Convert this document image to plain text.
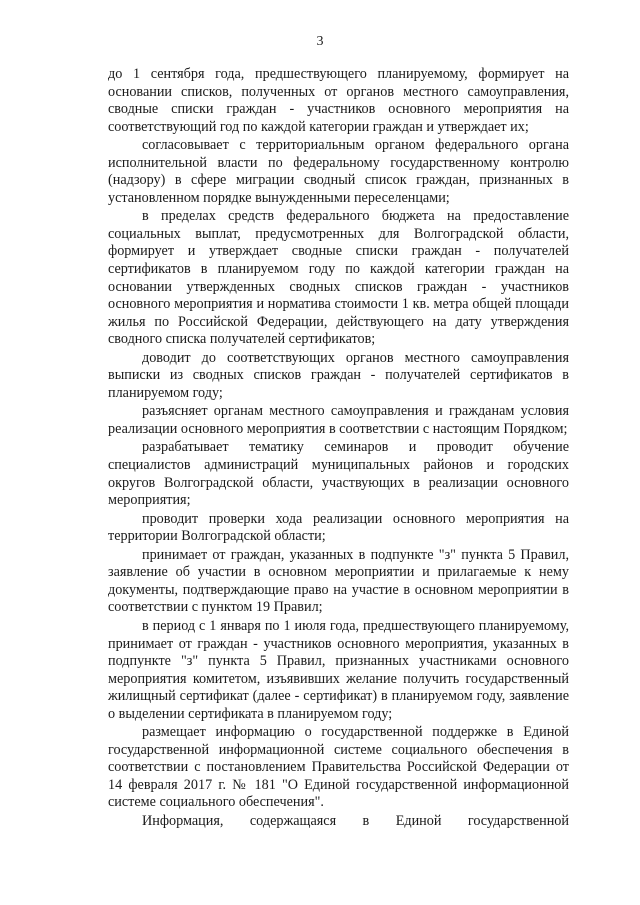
3

до 1 сентября года, предшествующего планируемому, формирует на основании списков, полученных от органов местного самоуправления, сводные списки граждан - участников основного мероприятия на соответствующий год по каждой категории граждан и утверждает их;

согласовывает с территориальным органом федерального органа исполнительной власти по федеральному государственному контролю (надзору) в сфере миграции сводный список граждан, признанных в установленном порядке вынужденными переселенцами;

в пределах средств федерального бюджета на предоставление социальных выплат, предусмотренных для Волгоградской области, формирует и утверждает сводные списки граждан - получателей сертификатов в планируемом году по каждой категории граждан на основании утвержденных сводных списков граждан - участников основного мероприятия и норматива стоимости 1 кв. метра общей площади жилья по Российской Федерации, действующего на дату утверждения сводного списка получателей сертификатов;

доводит до соответствующих органов местного самоуправления выписки из сводных списков граждан - получателей сертификатов в планируемом году;

разъясняет органам местного самоуправления и гражданам условия реализации основного мероприятия в соответствии с настоящим Порядком;

разрабатывает тематику семинаров и проводит обучение специалистов администраций муниципальных районов и городских округов Волгоградской области, участвующих в реализации основного мероприятия;

проводит проверки хода реализации основного мероприятия на территории Волгоградской области;

принимает от граждан, указанных в подпункте "з" пункта 5 Правил, заявление об участии в основном мероприятии и прилагаемые к нему документы, подтверждающие право на участие в основном мероприятии в соответствии с пунктом 19 Правил;

в период с 1 января по 1 июля года, предшествующего планируемому, принимает от граждан - участников основного мероприятия, указанных в подпункте "з" пункта 5 Правил, признанных участниками основного мероприятия комитетом, изъявивших желание получить государственный жилищный сертификат (далее - сертификат) в планируемом году, заявление о выделении сертификата в планируемом году;

размещает информацию о государственной поддержке в Единой государственной информационной системе социального обеспечения в соответствии с постановлением Правительства Российской Федерации от 14 февраля 2017 г. № 181 "О Единой государственной информационной системе социального обеспечения".

Информация, содержащаяся в Единой государственной
